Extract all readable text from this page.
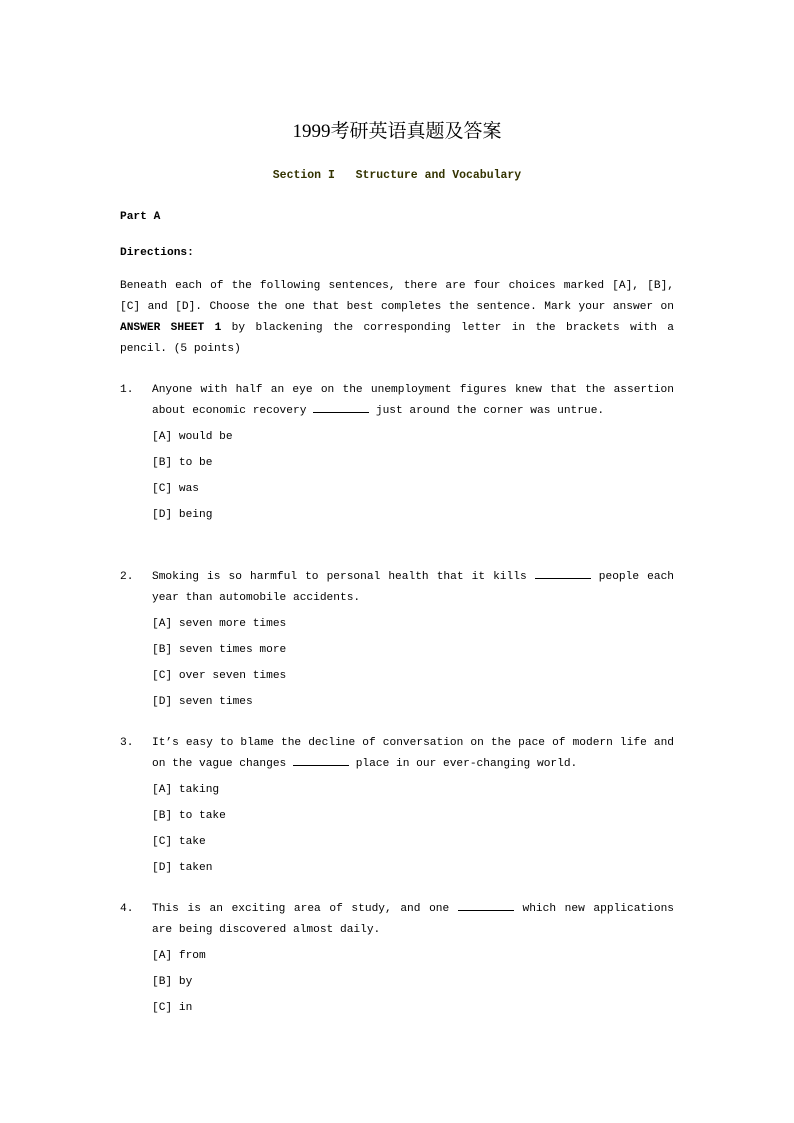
1999考研英语真题及答案
Section I   Structure and Vocabulary
Part A
Directions:
Beneath each of the following sentences, there are four choices marked [A], [B], [C] and [D]. Choose the one that best completes the sentence. Mark your answer on ANSWER SHEET 1 by blackening the corresponding letter in the brackets with a pencil. (5 points)
1. Anyone with half an eye on the unemployment figures knew that the assertion about economic recovery	just around the corner was untrue.
[A] would be
[B] to be
[C] was
[D] being
2. Smoking is so harmful to personal health that it kills	people each year than automobile accidents.
[A] seven more times
[B] seven times more
[C] over seven times
[D] seven times
3. It’s easy to blame the decline of conversation on the pace of modern life and on the vague changes	place in our ever-changing world.
[A] taking
[B] to take
[C] take
[D] taken
4. This is an exciting area of study, and one	which new applications are being discovered almost daily.
[A] from
[B] by
[C] in
